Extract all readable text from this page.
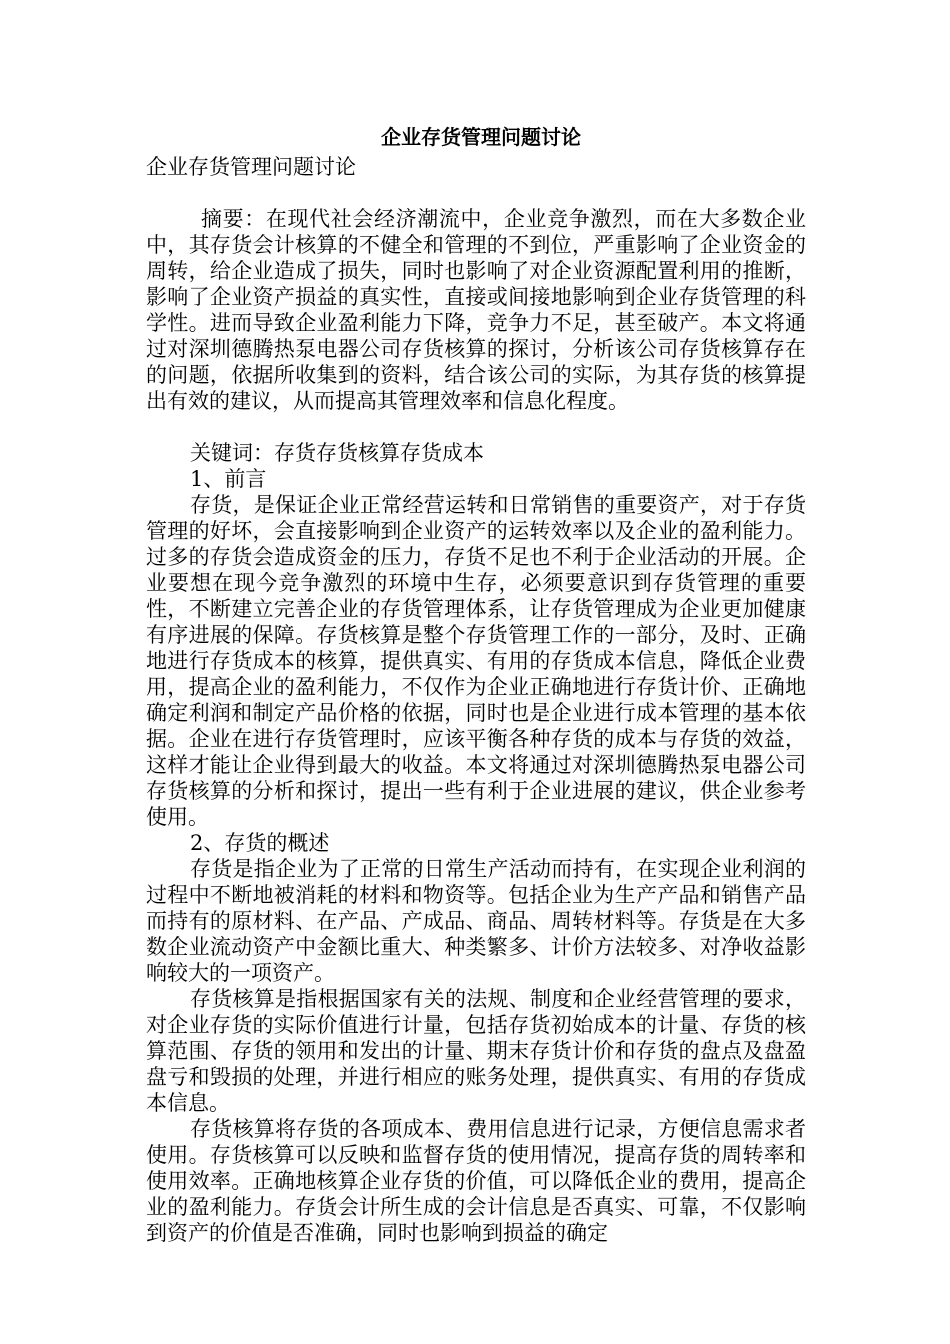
企业存货管理问题讨论
企业存货管理问题讨论

摘要：在现代社会经济潮流中，企业竞争激烈，而在大多数企业中，其存货会计核算的不健全和管理的不到位，严重影响了企业资金的周转，给企业造成了损失，同时也影响了对企业资源配置利用的推断，影响了企业资产损益的真实性，直接或间接地影响到企业存货管理的科学性。进而导致企业盈利能力下降，竞争力不足，甚至破产。本文将通过对深圳德腾热泵电器公司存货核算的探讨，分析该公司存货核算存在的问题，依据所收集到的资料，结合该公司的实际，为其存货的核算提出有效的建议，从而提高其管理效率和信息化程度。

关键词：存货存货核算存货成本

1、前言

存货，是保证企业正常经营运转和日常销售的重要资产，对于存货管理的好坏，会直接影响到企业资产的运转效率以及企业的盈利能力。过多的存货会造成资金的压力，存货不足也不利于企业活动的开展。企业要想在现今竞争激烈的环境中生存，必须要意识到存货管理的重要性，不断建立完善企业的存货管理体系，让存货管理成为企业更加健康有序进展的保障。存货核算是整个存货管理工作的一部分，及时、正确地进行存货成本的核算，提供真实、有用的存货成本信息，降低企业费用，提高企业的盈利能力，不仅作为企业正确地进行存货计价、正确地确定利润和制定产品价格的依据，同时也是企业进行成本管理的基本依据。企业在进行存货管理时，应该平衡各种存货的成本与存货的效益，这样才能让企业得到最大的收益。本文将通过对深圳德腾热泵电器公司存货核算的分析和探讨，提出一些有利于企业进展的建议，供企业参考使用。

2、存货的概述

存货是指企业为了正常的日常生产活动而持有，在实现企业利润的过程中不断地被消耗的材料和物资等。包括企业为生产产品和销售产品而持有的原材料、在产品、产成品、商品、周转材料等。存货是在大多数企业流动资产中金额比重大、种类繁多、计价方法较多、对净收益影响较大的一项资产。

存货核算是指根据国家有关的法规、制度和企业经营管理的要求，对企业存货的实际价值进行计量，包括存货初始成本的计量、存货的核算范围、存货的领用和发出的计量、期末存货计价和存货的盘点及盘盈盘亏和毁损的处理，并进行相应的账务处理，提供真实、有用的存货成本信息。

存货核算将存货的各项成本、费用信息进行记录，方便信息需求者使用。存货核算可以反映和监督存货的使用情况，提高存货的周转率和使用效率。正确地核算企业存货的价值，可以降低企业的费用，提高企业的盈利能力。存货会计所生成的会计信息是否真实、可靠，不仅影响到资产的价值是否准确，同时也影响到损益的确定
